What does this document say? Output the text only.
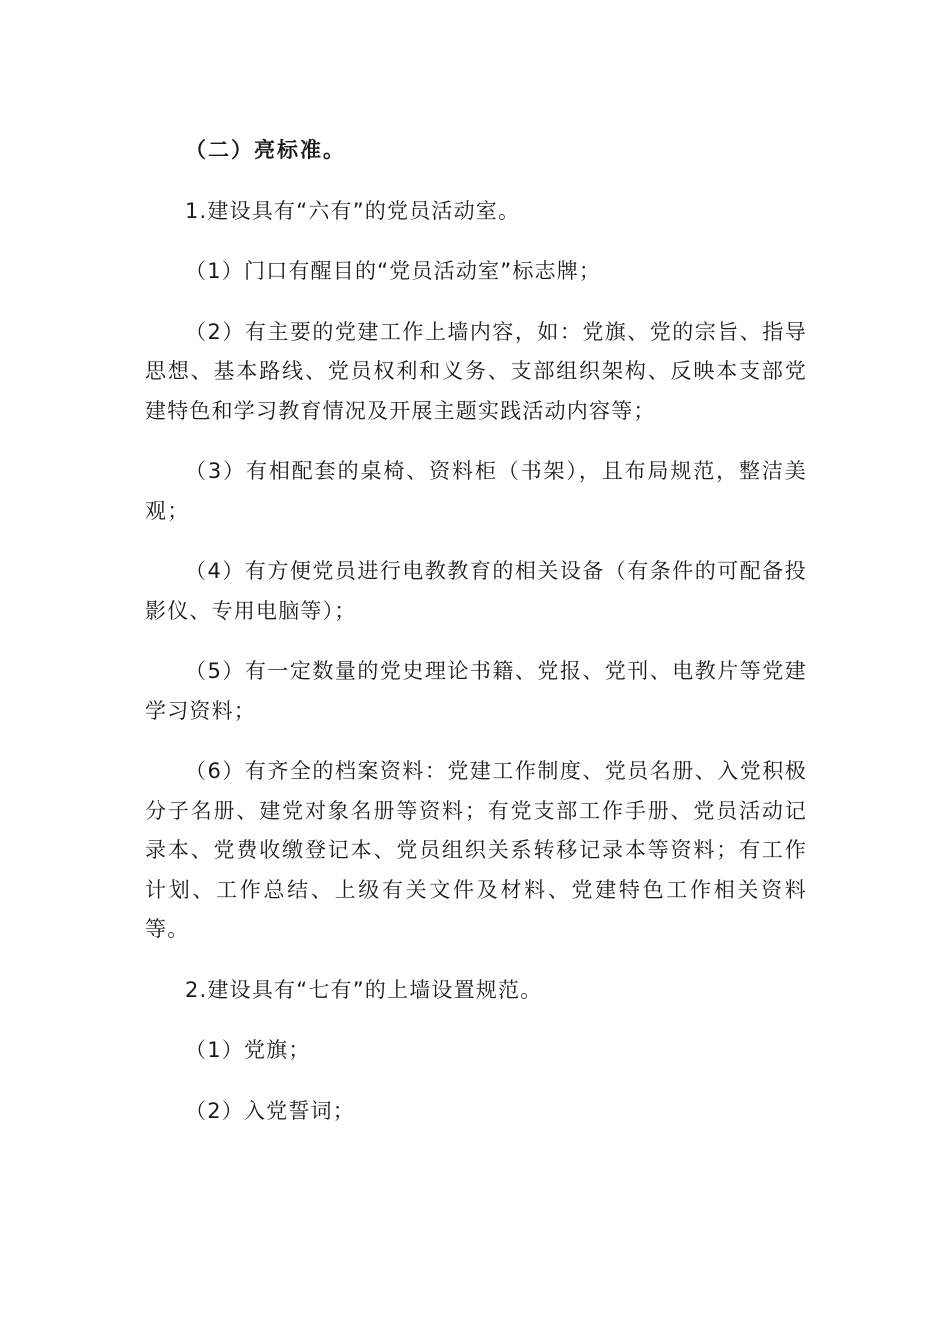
（二）亮标准。
1.建设具有“六有”的党员活动室。
（1）门口有醒目的“党员活动室”标志牌；
（2）有主要的党建工作上墙内容，如：党旗、党的宗旨、指导思想、基本路线、党员权利和义务、支部组织架构、反映本支部党建特色和学习教育情况及开展主题实践活动内容等；
（3）有相配套的桌椅、资料柜（书架），且布局规范，整洁美观；
（4）有方便党员进行电教教育的相关设备（有条件的可配备投影仪、专用电脑等）；
（5）有一定数量的党史理论书籍、党报、党刊、电教片等党建学习资料；
（6）有齐全的档案资料：党建工作制度、党员名册、入党积极分子名册、建党对象名册等资料；有党支部工作手册、党员活动记录本、党费收缴登记本、党员组织关系转移记录本等资料；有工作计划、工作总结、上级有关文件及材料、党建特色工作相关资料等。
2.建设具有“七有”的上墙设置规范。
（1）党旗；
（2）入党誓词；
